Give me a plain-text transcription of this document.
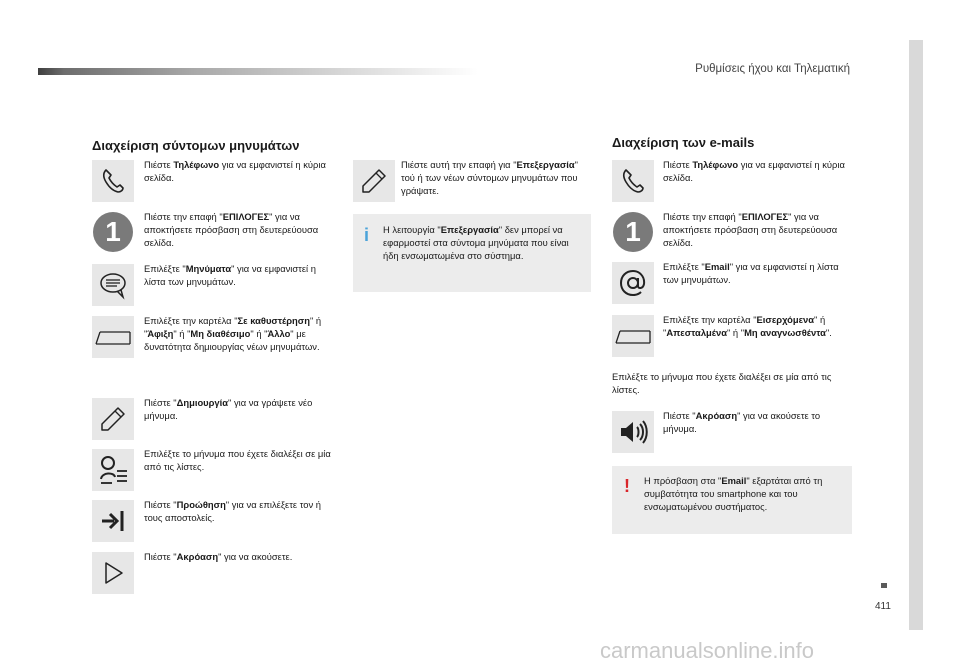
Ρυθμίσεις ήχου και Τηλεματική
411
Διαχείριση σύντομων μηνυμάτων
Πιέστε Τηλέφωνο για να εμφανιστεί η κύρια σελίδα.
1	Πιέστε την επαφή "ΕΠΙΛΟΓΕΣ" για να αποκτήσετε πρόσβαση στη δευτερεύουσα σελίδα.
Επιλέξτε "Μηνύματα" για να εμφανιστεί η λίστα των μηνυμάτων.
Επιλέξτε την καρτέλα "Σε καθυστέρηση" ή "Άφιξη" ή "Μη διαθέσιμο" ή "Άλλο" με δυνατότητα δημιουργίας νέων μηνυμάτων.
Πιέστε "Δημιουργία" για να γράψετε νέο μήνυμα.
Επιλέξτε το μήνυμα που έχετε διαλέξει σε μία από τις λίστες.
Πιέστε "Προώθηση" για να επιλέξετε τον ή τους αποστολείς.
Πιέστε "Ακρόαση" για να ακούσετε.
Πιέστε αυτή την επαφή για "Επεξεργασία" τού ή των νέων σύντομων μηνυμάτων που γράψατε.
i Η λειτουργία "Επεξεργασία" δεν μπορεί να εφαρμοστεί στα σύντομα μηνύματα που είναι ήδη ενσωματωμένα στο σύστημα.
Διαχείριση των e-mails
Πιέστε Τηλέφωνο για να εμφανιστεί η κύρια σελίδα.
1	Πιέστε την επαφή "ΕΠΙΛΟΓΕΣ" για να αποκτήσετε πρόσβαση στη δευτερεύουσα σελίδα.
Επιλέξτε "Email" για να εμφανιστεί η λίστα των μηνυμάτων.
Επιλέξτε την καρτέλα "Εισερχόμενα" ή "Απεσταλμένα" ή "Μη αναγνωσθέντα".
Επιλέξτε το μήνυμα που έχετε διαλέξει σε μία από τις λίστες.
Πιέστε "Ακρόαση" για να ακούσετε το μήνυμα.
! Η πρόσβαση στα "Email" εξαρτάται από τη συμβατότητα του smartphone και του ενσωματωμένου συστήματος.
carmanualsonline.info
